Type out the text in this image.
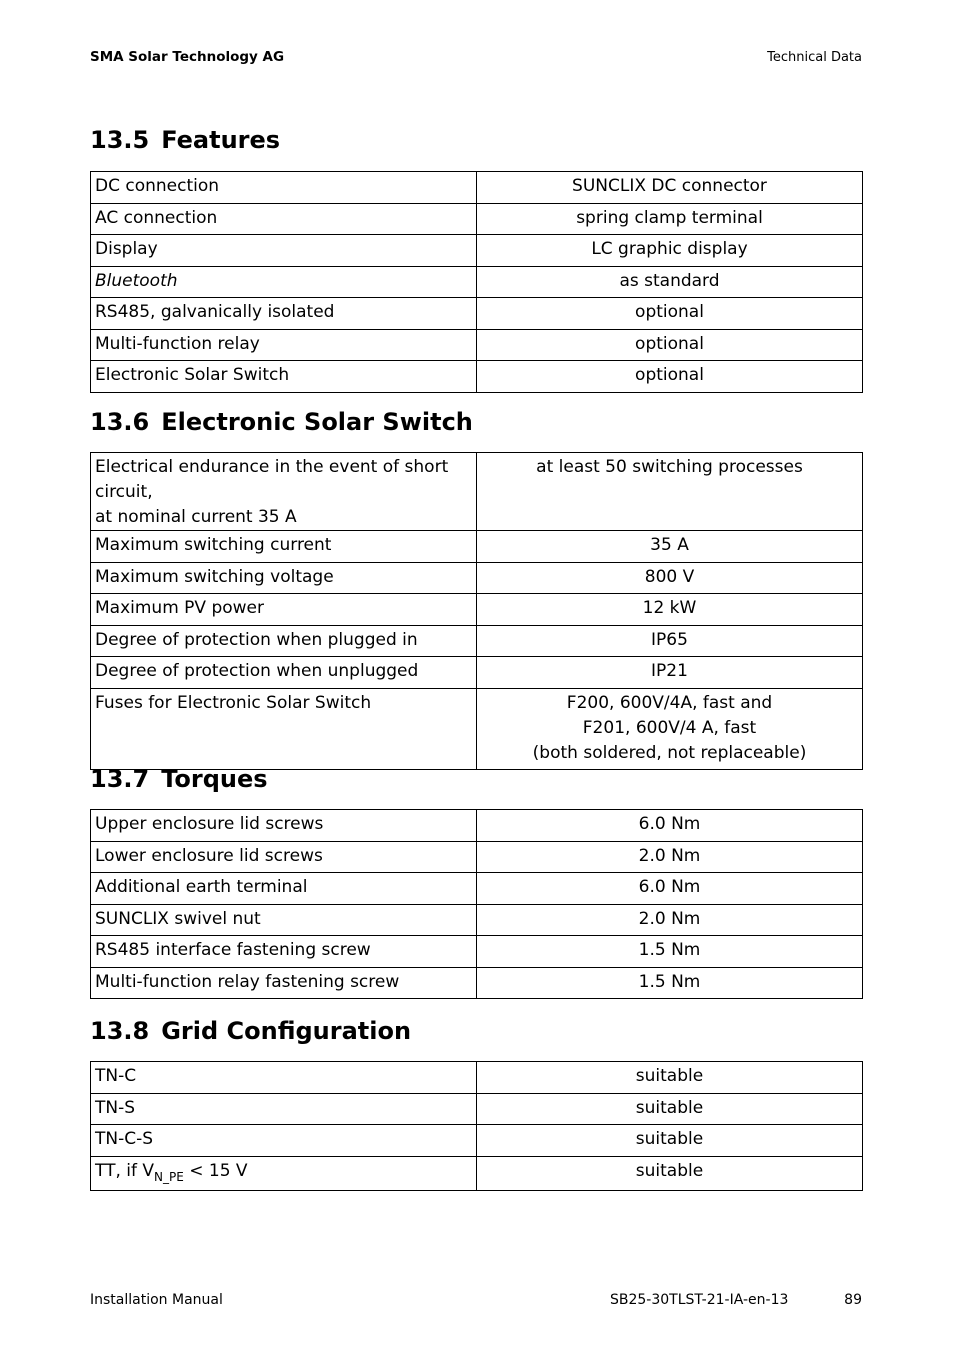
SMA Solar Technology AG	Technical Data
13.5 Features
DC connection	SUNCLIX DC connector
AC connection	spring clamp terminal
Display	LC graphic display
Bluetooth	as standard
RS485, galvanically isolated	optional
Multi-function relay	optional
Electronic Solar Switch	optional
13.6 Electronic Solar Switch
Electrical endurance in the event of short circuit,
at nominal current 35 A	at least 50 switching processes
Maximum switching current	35 A
Maximum switching voltage	800 V
Maximum PV power	12 kW
Degree of protection when plugged in	IP65
Degree of protection when unplugged	IP21
Fuses for Electronic Solar Switch	F200, 600V/4A, fast and
F201, 600V/4 A, fast
(both soldered, not replaceable)
13.7 Torques
Upper enclosure lid screws	6.0 Nm
Lower enclosure lid screws	2.0 Nm
Additional earth terminal	6.0 Nm
SUNCLIX swivel nut	2.0 Nm
RS485 interface fastening screw	1.5 Nm
Multi-function relay fastening screw	1.5 Nm
13.8 Grid Configuration
TN-C	suitable
TN-S	suitable
TN-C-S	suitable
TT, if $V_{N\_PE} < 15$ V	suitable
Installation Manual	SB25-30TLST-21-IA-en-13	89
